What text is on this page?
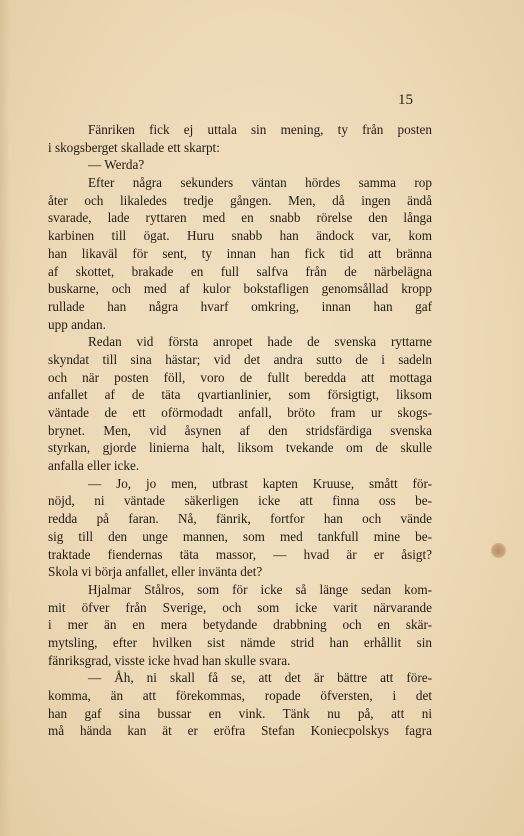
15
Fänriken fick ej uttala sin mening, ty från posten
i skogsberget skallade ett skarpt:
— Werda?
Efter några sekunders väntan hördes samma rop
åter och likaledes tredje gången. Men, då ingen ändå
svarade, lade ryttaren med en snabb rörelse den långa
karbinen till ögat. Huru snabb han ändock var, kom
han likaväl för sent, ty innan han fick tid att bränna
af skottet, brakade en full salfva från de närbelägna
buskarne, och med af kulor bokstafligen genomsållad kropp
rullade han några hvarf omkring, innan han gaf
upp andan.
Redan vid första anropet hade de svenska ryttarne
skyndat till sina hästar; vid det andra sutto de i sadeln
och när posten föll, voro de fullt beredda att mottaga
anfallet af de täta qvartianlinier, som försigtigt, liksom
väntade de ett oförmodadt anfall, bröto fram ur skogs-
brynet. Men, vid åsynen af den stridsfärdiga svenska
styrkan, gjorde linierna halt, liksom tvekande om de skulle
anfalla eller icke.
— Jo, jo men, utbrast kapten Kruuse, smått för-
nöjd, ni väntade säkerligen icke att finna oss be-
redda på faran. Nå, fänrik, fortfor han och vände
sig till den unge mannen, som med tankfull mine be-
traktade fiendernas täta massor, — hvad är er åsigt?
Skola vi börja anfallet, eller invänta det?
Hjalmar Stålros, som för icke så länge sedan kom-
mit öfver från Sverige, och som icke varit närvarande
i mer än en mera betydande drabbning och en skär-
mytsling, efter hvilken sist nämde strid han erhållit sin
fänriksgrad, visste icke hvad han skulle svara.
— Åh, ni skall få se, att det är bättre att före-
komma, än att förekommas, ropade öfversten, i det
han gaf sina bussar en vink. Tänk nu på, att ni
må hända kan ät er eröfra Stefan Koniecpolskys fagra
